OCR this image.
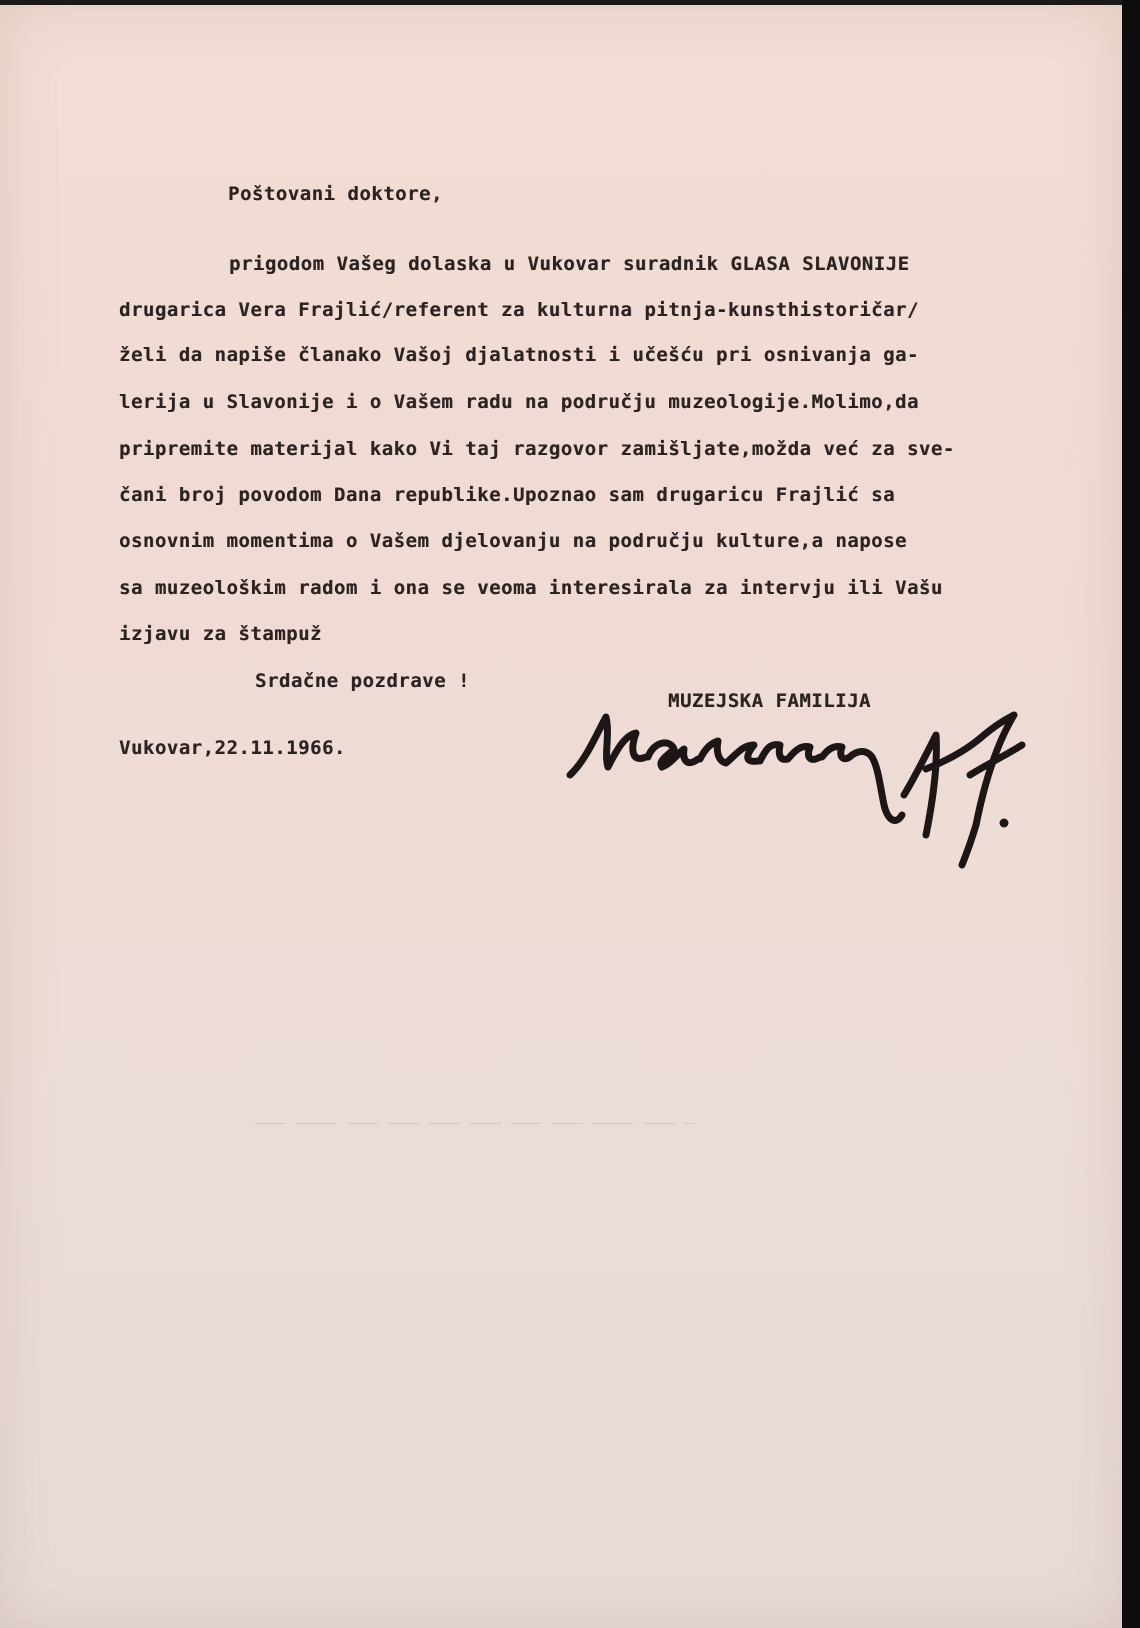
Poštovani doktore,
prigodom Vašeg dolaska u Vukovar suradnik GLASA SLAVONIJE
drugarica Vera Frajlić/referent za kulturna pitnja-kunsthistoričar/
želi da napiše članako Vašoj djalatnosti i učešću pri osnivanja ga-
lerija u Slavonije i o Vašem radu na području muzeologije.Molimo,da
pripremite materijal kako Vi taj razgovor zamišljate,možda već za sve-
čani broj povodom Dana republike.Upoznao sam drugaricu Frajlić sa
osnovnim momentima o Vašem djelovanju na području kulture,a napose
sa muzeološkim radom i ona se veoma interesirala za intervju ili Vašu
izjavu za štampuž
Srdačne pozdrave !
MUZEJSKA FAMILIJA
Vukovar,22.11.1966.
——— ———— ——— ——— ——— ——— ——— ——— ———— ——— —
